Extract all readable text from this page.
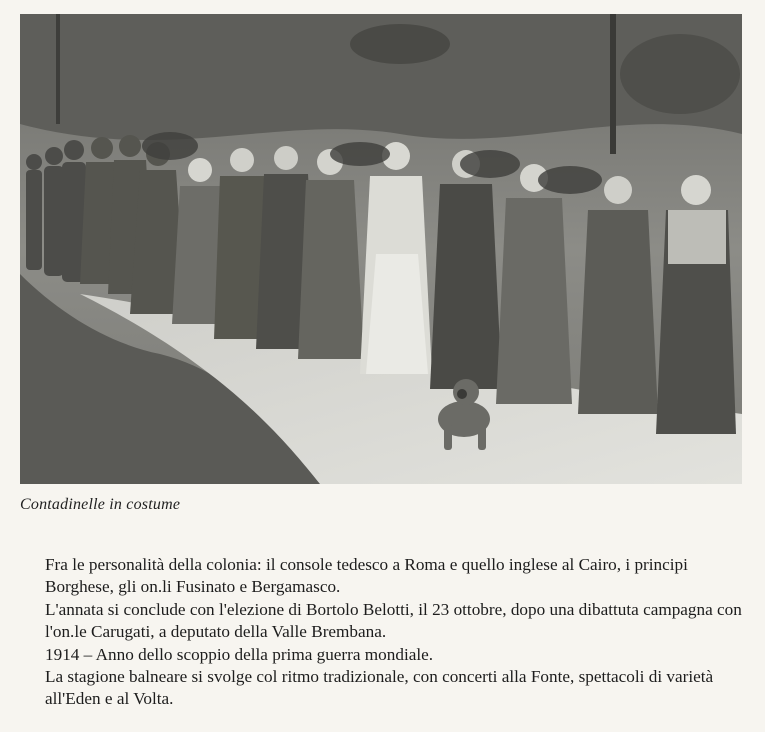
Contadinelle in costume

Fra le personalità della colonia: il console tedesco a Roma e quello inglese al Cairo, i principi Borghese, gli on.li Fusinato e Bergamasco.

L'annata si conclude con l'elezione di Bortolo Belotti, il 23 ottobre, dopo una dibattuta campagna con l'on.le Carugati, a deputato della Valle Brembana.

1914 – Anno dello scoppio della prima guerra mondiale.

La stagione balneare si svolge col ritmo tradizionale, con concerti alla Fonte, spettacoli di varietà all'Eden e al Volta.
